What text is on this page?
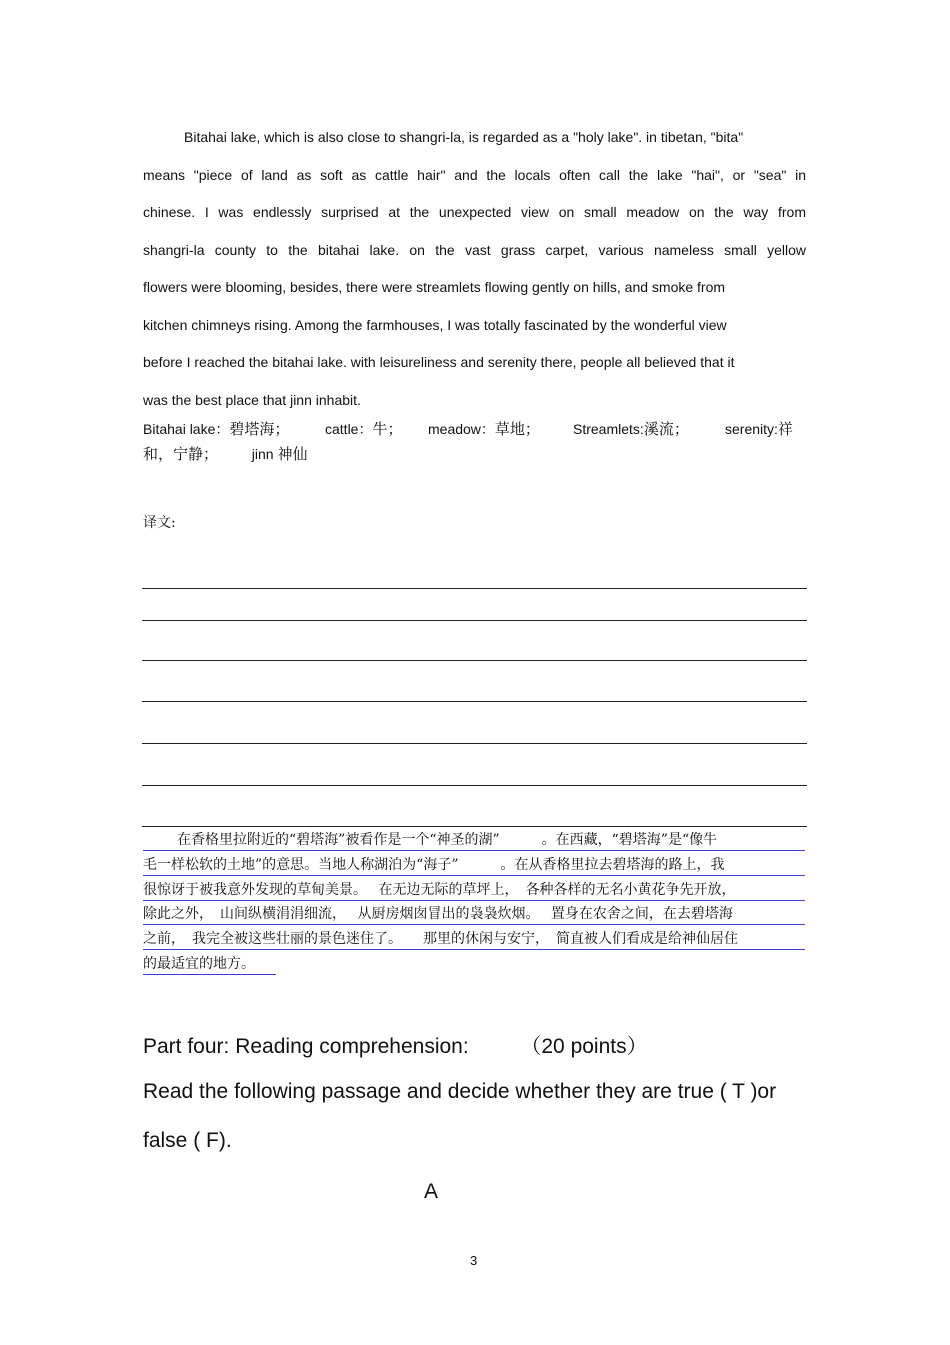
Bitahai lake, which is also close to shangri-la, is regarded as a "holy lake". in tibetan, "bita"
means "piece of land as soft as cattle hair" and the locals often call the lake "hai", or "sea" in
chinese. I was endlessly surprised at the unexpected view on small meadow on the way from
shangri-la county to the bitahai lake. on the vast grass carpet, various nameless small yellow
flowers were blooming, besides, there were streamlets flowing gently on hills, and smoke from
kitchen chimneys rising. Among the farmhouses, I was totally fascinated by the wonderful view
before I reached the bitahai lake. with leisureliness and serenity there, people all believed that it
was the best place that jinn inhabit.
Bitahai lake：碧塔海；	cattle：牛； meadow：草地； Streamlets:溪流；	serenity:祥
和，宁静； jinn 神仙
译文:
在香格里拉附近的“碧塔海”被看作是一个“神圣的湖”　　　。在西藏，“碧塔海”是“像牛
毛一样松软的土地”的意思。当地人称湖泊为“海子”　　　。在从香格里拉去碧塔海的路上，我
很惊讶于被我意外发现的草甸美景。　 在无边无际的草坪上，　各种各样的无名小黄花争先开放，
除此之外，　山间纵横涓涓细流，　 从厨房烟囱冒出的袅袅炊烟。　 置身在农舍之间，在去碧塔海
之前，　我完全被这些壮丽的景色迷住了。　　那里的休闲与安宁，　简直被人们看成是给神仙居住
的最适宜的地方。
Part four: Reading comprehension: （20 points）
Read the following passage and decide whether they are true ( T )or
false ( F).
A
3
